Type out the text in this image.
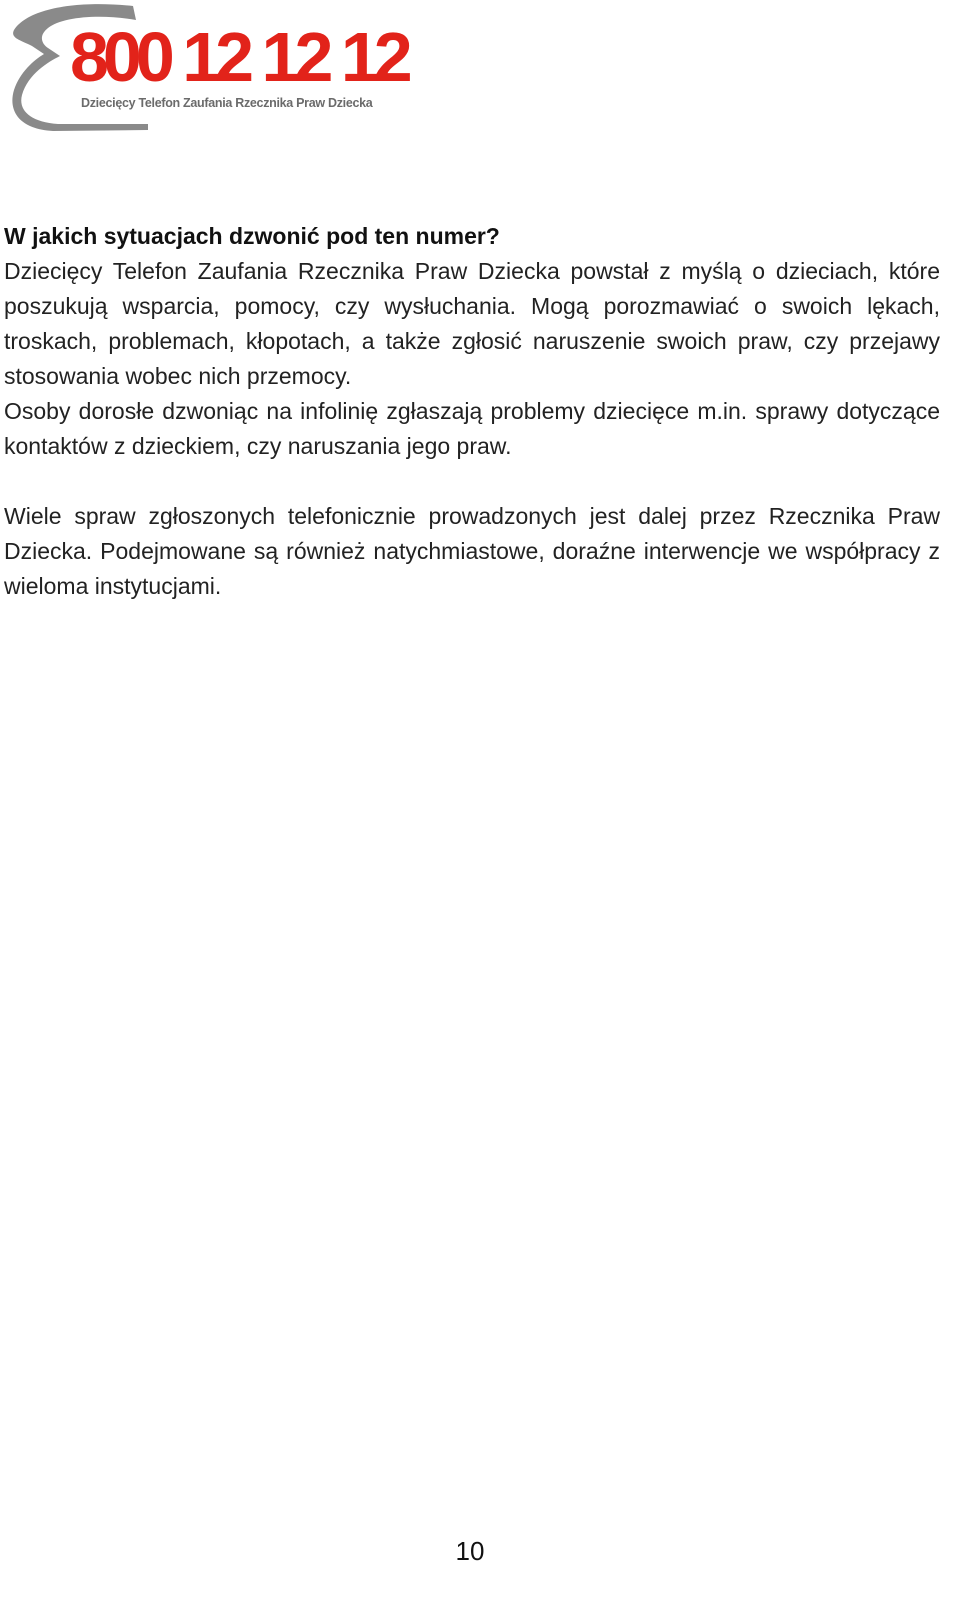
800 12 12 12
Dziecięcy Telefon Zaufania Rzecznika Praw Dziecka
W jakich sytuacjach dzwonić pod ten numer?

Dziecięcy Telefon Zaufania Rzecznika Praw Dziecka powstał z myślą o dzieciach, które poszukują wsparcia, pomocy, czy wysłuchania. Mogą porozmawiać o swoich lękach, troskach, problemach, kłopotach, a także zgłosić naruszenie swoich praw, czy przejawy stosowania wobec nich przemocy.

Osoby dorosłe dzwoniąc na infolinię zgłaszają problemy dziecięce m.in. sprawy dotyczące kontaktów z dzieckiem, czy naruszania jego praw.

Wiele spraw zgłoszonych telefonicznie prowadzonych jest dalej przez Rzecznika Praw Dziecka. Podejmowane są również natychmiastowe, doraźne interwencje we współpracy z wieloma instytucjami.

10
